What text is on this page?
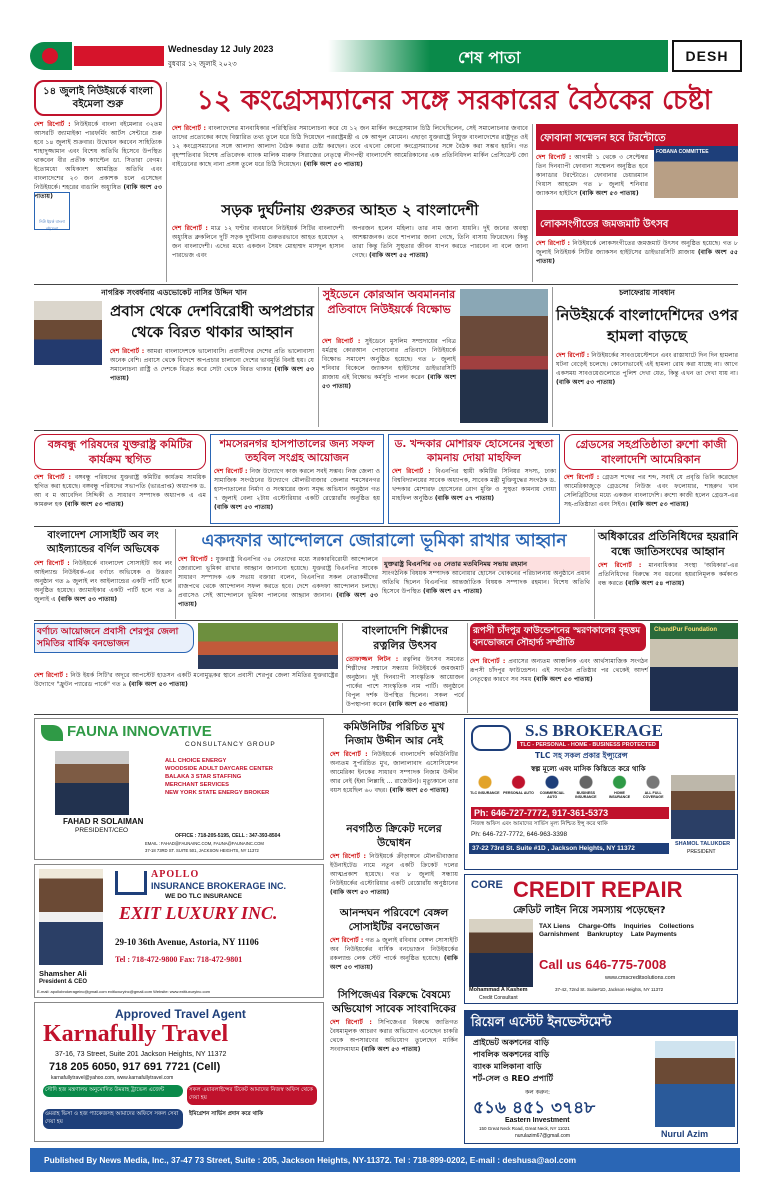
Wednesday 12 July 2023
বুধবার ১২ জুলাই ২০২৩	শেষ পাতা	DESH
১৪ জুলাই নিউইয়র্কে বাংলা বইমেলা শুরু
দেশ রিপোর্ট : নিউইয়র্কে বাংলা বইমেলার ৩২তম আসরটি জ্যামাইকা পারফর্মিং আর্টস সেন্টারে শুরু হবে ১৪ জুলাই শুক্রবার। উদ্বোধন করবেন সাহিত্যিক শাহাদুজ্জামান এবং বিশেষ অতিথি হিসেবে উপস্থিত থাকবেন বীর প্রতীক ক্যাপ্টেন ডা. সিতারা বেগম। ইতোমধ্যে অধিকাংশ আমন্ত্রিত অতিথি এবং বাংলাদেশের ২৩ জন প্রকাশক চলে এসেছেন নিউইয়র্কে। শহরের বাঙালি অধ্যুষিত (বাকি অংশ ৫৩ পাতায়)
নিউ ইয়র্ক বাংলা বইমেলা
১২ কংগ্রেসম্যানের সঙ্গে সরকারের বৈঠকের চেষ্টা
দেশ রিপোর্ট : বাংলাদেশের মানবাধিকার পরিস্থিতির সমালোচনা করে যে ১২ জন মার্কিন কংগ্রেসম্যান চিঠি লিখেছিলেন, সেই সমালোচনার জবাবে তাদের প্রত্যেকের কাছে বিস্তারিত তথ্য তুলে ধরে চিঠি দিয়েছেন পররাষ্ট্রমন্ত্রী এ কে আব্দুল মোমেন। এছাড়া যুক্তরাষ্ট্রে নিযুক্ত বাংলাদেশের রাষ্ট্রদূত ওই ১২ কংগ্রেসম্যানের সঙ্গে আলাদা আলাদা বৈঠক করার চেষ্টা করছেন। তবে এখনো কোনো কংগ্রেসম্যানের সঙ্গে বৈঠক করা সম্ভব হয়নি। গত বৃহস্পতিবার বিশেষ প্রতিবেদক ব্যাংক মালিক মারুফ সিরাজের নেতৃত্বে লীগপন্থী বাংলাদেশি আমেরিকানের এক প্রতিনিধিদল মার্কিন প্রেসিডেন্ট জো বাইডেনের কাছে নানা প্রসঙ্গ তুলে ধরে চিঠি দিয়েছেন। (বাকি অংশ ৫৩ পাতায়)
ফোবানা সম্মেলন হবে টরন্টোতে
দেশ রিপোর্ট : আগামী ১ থেকে ৩ সেপ্টেম্বর তিন দিনব্যাপী ফোবানা সম্মেলন অনুষ্ঠিত হবে কানাডার টরন্টোতে। ফোবানার চেয়ারম্যান গিয়াস আহমেদ গত ৮ জুলাই শনিবার জ্যাকসন হাইটসে (বাকি অংশ ৫৩ পাতায়)
FOBANA COMMITTEE
লোকসংগীতের জমজমাট উৎসব
দেশ রিপোর্ট : নিউইয়র্কে লোকসংগীতের জমজমাট উৎসব অনুষ্ঠিত হয়েছে। গত ৮ জুলাই নিউইয়র্ক সিটির জ্যাকসন হাইটসের ডাইভারসিটি প্লাজায় (বাকি অংশ ৫৫ পাতায়)
সড়ক দুর্ঘটনায় গুরুতর আহত ২ বাংলাদেশী
দেশ রিপোর্ট : মাত্র ১২ ঘণ্টার ব্যবধানে নিউইয়র্ক সিটির বাংলাদেশী অধ্যুষিত ব্রুকলিনে দুটি সড়ক দুর্ঘটনায় গুরুতরভাবে আহত হয়েছেন ২ জন বাংলাদেশী। এদের মধ্যে একজন সৈয়দ মোহাম্মদ মাসদুল হাসান পারভেজ এবং
অপরজন হলেন মহিলা। তার নাম জানা যায়নি। দুই জনের অবস্থা আশঙ্কাজনক। তবে শাপলার জানা গেছে, তিনি বাসায় ফিরেছেন। কিন্তু তারা কিন্তু তিনি সুস্থতার জীবন যাপন করতে পারবেন না বলে জানা গেছে। (বাকি অংশ ৫৫ পাতায়)
নাগরিক সংবর্ধনায় এডভোকেট নাসির উদ্দিন খান
প্রবাস থেকে দেশবিরোধী অপপ্রচার থেকে বিরত থাকার আহ্বান
দেশ রিপোর্ট : আমরা বাংলাদেশকে ভালোবাসি। প্রবাসীদের দেশের প্রতি ভালোবাসা অনেক বেশি। প্রবাসে থেকে বিদেশে অপপ্রচার চালানো দেশের ভাবমূর্তি বিনষ্ট হয়। যে সমালোচনা রাষ্ট্রি ও দেশকে বিব্রত করে সেটা থেকে বিরত থাকার (বাকি অংশ ৫৩ পাতায়)
সুইডেনে কোরআন অবমাননার প্রতিবাদে নিউইয়র্কে বিক্ষোভ
দেশ রিপোর্ট : সুইডেনে মুসলিম সম্প্রদায়ের পবিত্র ধর্মগ্রন্থ কোরআন পোড়ানোর প্রতিবাদে নিউইয়র্কে বিক্ষোভ সমাবেশ অনুষ্ঠিত হয়েছে। গত ৮ জুলাই শনিবার বিকেলে জ্যাকসন হাইটসের ডাইভারসিটি প্লাজায় এই বিক্ষোভ কর্মসূচি পালন করেন (বাকি অংশ ৫৩ পাতায়)
চলাফেরায় সাবধান
নিউইয়র্কে বাংলাদেশিদের ওপর হামলা বাড়ছে
দেশ রিপোর্ট : নিউইয়র্কের সাবওয়েস্টেশনে এবং রাস্তাঘাটে দিন দিন হামলার ঘটনা বেড়েই চলেছে। কোনোভাবেই এই হামলা রোধ করা যাচ্ছে না। আগে একসময় সাবওয়েগুলোতে পুলিশ দেখা যেত, কিন্তু এখন তা দেখা যায় না। (বাকি অংশ ৫৩ পাতায়)
বঙ্গবন্ধু পরিষদের যুক্তরাষ্ট্র কমিটির কার্যক্রম স্থগিত
দেশ রিপোর্ট : বঙ্গবন্ধু পরিষদের যুক্তরাষ্ট্র কমিটির কার্যক্রম সাময়িক স্থগিত করা হয়েছে। বঙ্গবন্ধু পরিষদের সভাপতি (ভারপ্রাপ্ত) অধ্যাপক ড. আ ব ম আবেদিন সিদ্দিকী ও সাধারণ সম্পাদক অধ্যাপক এ এম কামরুল হক (বাকি অংশ ৫৩ পাতায়)
শমসেরনগর হাসপাতালের জন্য সফল তহবিল সংগ্রহ আয়োজন
দেশ রিপোর্ট : নিজ উদ্যোগে কাজ করলে সবই সম্ভব। নিজ জেলা ও সামাজিক সংগঠনের উদ্যোগে মৌলভীবাজার জেলার শমসেরনগর হাসপাতালের নির্মাণ ও সংস্কারের জন্য সমৃদ্ধ অভিযান অনুষ্ঠান গত ৭ জুলাই বেলা ২টায় এস্টোরিয়ার একটি রেস্তোরাঁয় অনুষ্ঠিত হয় (বাকি অংশ ৫৩ পাতায়)
ড. খন্দকার মোশারফ হোসেনের সুস্থতা কামনায় দোয়া মাহফিল
দেশ রিপোর্ট : বিএনপির স্থায়ী কমিটির সিনিয়র সদস্য, ঢাকা বিশ্ববিদ্যালয়ের সাবেক অধ্যাপক, সাবেক মন্ত্রী মুক্তিযুদ্ধের সংগঠক ড. খন্দকার মোশারফ হোসেনের রোগ মুক্তি ও সুস্থতা কামনায় দোয়া মাহফিল অনুষ্ঠিত (বাকি অংশ ৫৭ পাতায়)
গ্রেডসের সহপ্রতিষ্ঠাতা রুশো কাজী বাংলাদেশি আমেরিকান
দেশ রিপোর্ট : গ্রেডস শব্দের পর শব্দ, সবাই যে প্রবৃত্তি তিনি করেছেন আমেরিকাজুড়ে গ্রেডসের নিউজ এবং ফলোয়ার, শাহরুখ খান সেলিব্রিটিদের মধ্যে একজন বাংলাদেশি। রুশো কাজী হলেন গ্রেডস-এর সহ-প্রতিষ্ঠাতা এবং সিইও। (বাকি অংশ ৫৩ পাতায়)
বাংলাদেশ সোসাইটি অব লং আইল্যান্ডের বর্ণিল অভিষেক
দেশ রিপোর্ট : নিউইয়র্কে বাংলাদেশ সোসাইটি অব লং আইল্যান্ড নিউইয়র্ক-এর বর্ণাঢ্য অভিষেক ও উত্তরণ অনুষ্ঠান গত ৯ জুলাই লং আইল্যান্ডের একটি পার্টি হলে অনুষ্ঠিত হয়েছে। জ্যামাইকার একটি পার্টি হলে গত ৯ জুলাই এ (বাকি অংশ ৫৩ পাতায়)
একদফার আন্দোলনে জোরালো ভূমিকা রাখার আহ্বান
দেশ রিপোর্ট : যুক্তরাষ্ট্র বিএনপির ৩৪ নেতাদের মধ্যে সরকারবিরোধী আন্দোলনে জোরালো ভূমিকা রাখার আহ্বান জানানো হয়েছে। যুক্তরাষ্ট্র বিএনপির সাবেক সাধারণ সম্পাদক এক সভায় বক্তারা বলেন, বিএনপির সকল নেতাকর্মীদের রাজপথে থেকে আন্দোলন সফল করতে হবে। দেশে একদফা আন্দোলন চলছে। প্রবাসেও সেই আন্দোলনে ভূমিকা পালনের আহ্বান জানান। (বাকি অংশ ৫৩ পাতায়)
যুক্তরাষ্ট্র বিএনপির ৩৪ নেতার মতবিনিময় সভায় রহমান
সাংগঠনিক বিষয়ক সম্পাদক আনোয়ার হোসেন খোকনের পরিচালনায় অনুষ্ঠানে প্রধান অতিথি ছিলেন বিএনপির আন্তর্জাতিক বিষয়ক সম্পাদক রহমান। বিশেষ অতিথি হিসেবে উপস্থিত (বাকি অংশ ৫৭ পাতায়)
অধিকারের প্রতিনিধিদের হয়রানি বন্ধে জাতিসংঘের আহ্বান
দেশ রিপোর্ট : মানবাধিকার সংস্থা 'অধিকার'-এর প্রতিনিধিদের বিরুদ্ধে সব ধরনের হয়রানিমূলক কর্মকাণ্ড বন্ধ করতে (বাকি অংশ ৫৪ পাতায়)
বর্ণাঢ্য আয়োজনে প্রবাসী শেরপুর জেলা সমিতির বার্ষিক বনভোজন
দেশ রিপোর্ট : নিউ ইয়র্ক সিটি'র অদূরে আপস্টেট হাডসন একটি মনোমুগ্ধকর স্থানে প্রবাসী শেরপুর জেলা সমিতির যুক্তরাষ্ট্রের উদ্যোগে "ফ্রুটন প্যারেড পার্কে" গত ৯ (বাকি অংশ ৫৩ পাতায়)
বাংলাদেশি শিল্পীদের রত্নলির উৎসব
তোফাজ্জল লিটন : রত্নলির উৎসব সমবেত শিল্পীদের সম্মানে সন্ধ্যায় নিউইয়র্কে জমজমাট অনুষ্ঠান। দুই দিনব্যাপী সাংস্কৃতিক আয়োজন পার্কের পাশে সাংস্কৃতিক নাম পার্টি। অনুষ্ঠানে বিপুল দর্শক উপস্থিত ছিলেন। সকল পর্বে উপস্থাপনা করেন (বাকি অংশ ৫৩ পাতায়)
রূপসী চাঁদপুর ফাউন্ডেশনের স্মরণকালের বৃহত্তম বনভোজনে সৌহার্দ্য সম্প্রীতি
দেশ রিপোর্ট : প্রবাসের অন্যতম আঞ্চলিক এবং আর্থসামাজিক সংগঠন রূপসী চাঁদপুর ফাউন্ডেশন। এই সংগঠন প্রতিষ্ঠার পর থেকেই আদর্শ নেতৃত্বের কারণে সব সময় (বাকি অংশ ৫৩ পাতায়)
ChandPur Foundation
FAUNA INNOVATIVE
CONSULTANCY GROUP
ALL CHOICE ENERGY
WOODSIDE ADULT DAYCARE CENTER
BALAKA 3 STAR STAFFING
MERCHANT SERVICES
NEW YORK STATE ENERGY BROKER
FAHAD R SOLAIMAN
PRESIDENT/CEO
OFFICE : 718-205-5195, CELL : 347-393-8504
EMAIL : FAHAD@FAUNAINC.COM, FAUNA@FAUNAINC.COM
37-18 73RD ST. SUITE 501, JACKSON HEIGHTS, NY 11372
কমিউনিটির পরিচিত মুখ নিজাম উদ্দীন আর নেই
দেশ রিপোর্ট : নিউইয়র্কে বাংলাদেশি কমিউনিটির অন্যতম সুপরিচিত মুখ, জালালাবাদ এসোসিয়েশন আমেরিকা ইনকের সাধারণ সম্পাদক নিজাম উদ্দীন আর নেই (ইন্না লিল্লাহি ... রাজেউন)। মৃত্যুকালে তার বয়স হয়েছিল ৬০ বছর। (বাকি অংশ ৫৩ পাতায়)
নবগঠিত ক্রিকেট দলের উদ্বোধন
দেশ রিপোর্ট : নিউইয়র্কে ক্রীড়াঙ্গনে মৌলভীবাজার ইউনাইটেড নামে নতুন একটি ক্রিকেট দলের আত্মপ্রকাশ হয়েছে। গত ৮ জুলাই সন্ধ্যায় নিউইয়র্কের এস্টোরিয়ার একটি রেস্তোরাঁয় অনুষ্ঠানের (বাকি অংশ ৫৩ পাতায়)
আনন্দঘন পরিবেশে বেঙ্গল সোসাইটির বনভোজন
দেশ রিপোর্ট : গত ৯ জুলাই রবিবার বেঙ্গল সোসাইটি অব নিউইয়র্কের বার্ষিক বনভোজন নিউইয়র্কের রকল্যান্ড লেক স্টেট পার্কে অনুষ্ঠিত হয়েছে। (বাকি অংশ ৫৩ পাতায়)
সিপিজেএর বিরুদ্ধে বৈষম্যে অভিযোগ সাবেক সাংবাদিকের
দেশ রিপোর্ট : সিপিজেএর বিরুদ্ধে জাতিগত বৈষম্যমূলক আচরণ করার অভিযোগ এনেছেন চাকরি থেকে অপসারণের অভিযোগ তুলেছেন মার্কিন সংবাদমাধ্যম (বাকি অংশ ৫৩ পাতায়)
S.S BROKERAGE
TLC - PERSONAL - HOME - BUSINESS PROTECTED
TLC সহ সকল প্রকার ইন্স্যুরেন্স
স্বল্প মূল্যে এবং মাসিক কিস্তিতে করে থাকি
TLC INSURANCE PERSONAL AUTO	COMMERCIAL AUTO
BUSINESS INSURANCE
HOME INSURANCE
ALL FULL COVERAGE
Ph: 646-727-7772, 917-361-5373
নিজস্ব অফিস এবং আমাদের সার্ভিস মূল্য নিশ্চিত ইন্সু করে থাকি
Ph: 646-727-7772, 646-963-3398
SHAMOL TALUKDER
PRESIDENT
37-22 73rd St. Suite #1D , Jackson Heights, NY 11372
Shamsher Ali
President & CEO
APOLLO
INSURANCE BROKERAGE INC.
WE DO TLC INSURANCE
EXIT LUXURY INC.
29-10 36th Avenue, Astoria, NY 11106
Tel : 718-472-9800 Fax: 718-472-9801
E-mail: apollobrokerageinc@gmail.com exitluxuryinc@gmail.com Website: www.exitluxuryinc.com
CORE CREDIT REPAIR
ক্রেডিট লাইন নিয়ে সমস্যায় পড়েছেন?
TAX Liens Charge-Offs Inquiries Collections
Garnishment Bankruptcy Late Payments
Call us 646-775-7008
www.cmscreditsolutions.com
Mohammad A Kashem
Credit Consultant
37-42, 72nd St. Suite#1D, Jackson Heights, NY 11372
Approved Travel Agent
Karnafully Travel
37-16, 73 Street, Suite 201 Jackson Heights, NY 11372
718 205 6050, 917 691 7721 (Cell)
karnafullytravel@yahoo.com, www.karnafullytravel.com
সৌদি হজ মন্ত্রণালয় অনুমোদিত উমরাহ ট্রাভেল এজেন্ট	সকল এয়ারলাইন্সের টিকেট আমাদের নিজস্ব অফিস থেকে দেয়া হয়
ওমরাহ ভিসা ও হজ প্যাকেজসহ আমাদের অফিসে সকল সেবা দেয়া হয়
ইমিগ্রেশন সার্ভিস প্রদান করে থাকি
রিয়েল এস্টেট ইনভেস্টমেন্ট
প্রাইভেট অকশনের বাড়ি
পাবলিক অকশনের বাড়ি
ব্যাংক মালিকানা বাড়ি
শর্ট-সেল ও REO প্রপার্টি
কল করুন:
৫১৬ ৪৫১ ৩৭৪৮
Eastern Investment
150 Great Neck Road, Great Neck, NY 11021
nurulazim67@gmail.com	Nurul Azim
Published By News Media, Inc., 37-47 73 Street, Suite : 205, Jackson Heights, NY-11372. Tel : 718-899-0202, E-mail : deshusa@aol.com
